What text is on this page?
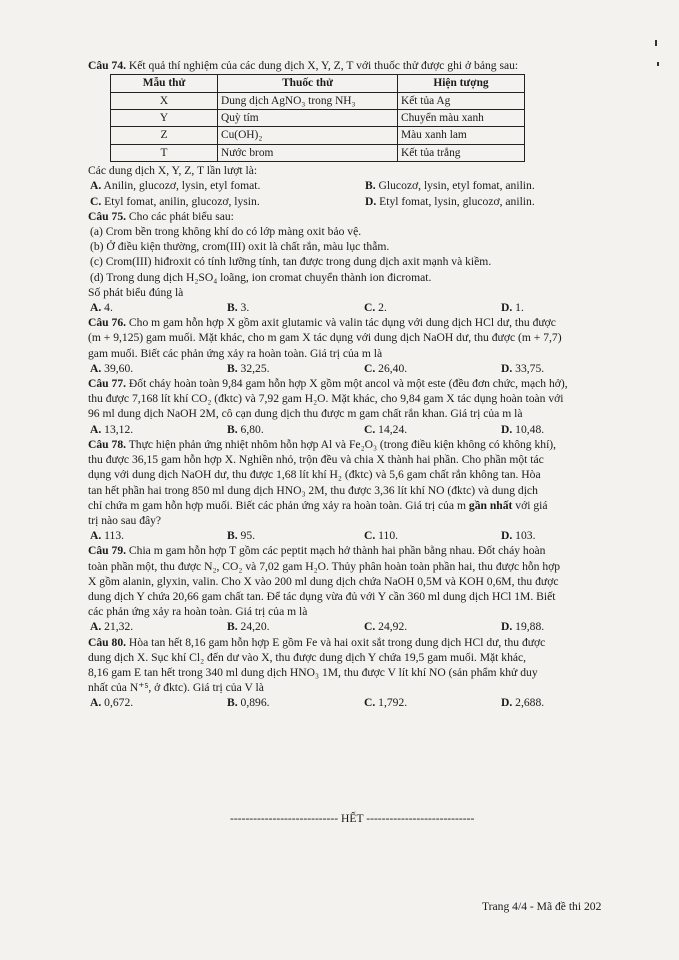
Câu 74. Kết quả thí nghiệm của các dung dịch X, Y, Z, T với thuốc thử được ghi ở bảng sau:

Mẫu thử	Thuốc thử	Hiện tượng
X	Dung dịch AgNO₃ trong NH₃	Kết tủa Ag
Y	Quỳ tím	Chuyển màu xanh
Z	Cu(OH)₂	Màu xanh lam
T	Nước brom	Kết tủa trắng

Các dung dịch X, Y, Z, T lần lượt là:

A. Anilin, glucozơ, lysin, etyl fomat.	B. Glucozơ, lysin, etyl fomat, anilin.
C. Etyl fomat, anilin, glucozơ, lysin.	D. Etyl fomat, lysin, glucozơ, anilin.

Câu 75. Cho các phát biểu sau:

(a) Crom bền trong không khí do có lớp màng oxit bảo vệ.

(b) Ở điều kiện thường, crom(III) oxit là chất rắn, màu lục thẫm.

(c) Crom(III) hiđroxit có tính lưỡng tính, tan được trong dung dịch axit mạnh và kiềm.

(d) Trong dung dịch H₂SO₄ loãng, ion cromat chuyển thành ion đicromat.

Số phát biểu đúng là

A. 4.	B. 3.	C. 2.	D. 1.

Câu 76. Cho m gam hỗn hợp X gồm axit glutamic và valin tác dụng với dung dịch HCl dư, thu được

(m + 9,125) gam muối. Mặt khác, cho m gam X tác dụng với dung dịch NaOH dư, thu được (m + 7,7)

gam muối. Biết các phản ứng xảy ra hoàn toàn. Giá trị của m là

A. 39,60.	B. 32,25.	C. 26,40.	D. 33,75.

Câu 77. Đốt cháy hoàn toàn 9,84 gam hỗn hợp X gồm một ancol và một este (đều đơn chức, mạch hở),

thu được 7,168 lít khí CO₂ (đktc) và 7,92 gam H₂O. Mặt khác, cho 9,84 gam X tác dụng hoàn toàn với

96 ml dung dịch NaOH 2M, cô cạn dung dịch thu được m gam chất rắn khan. Giá trị của m là

A. 13,12.	B. 6,80.	C. 14,24.	D. 10,48.

Câu 78. Thực hiện phản ứng nhiệt nhôm hỗn hợp Al và Fe₂O₃ (trong điều kiện không có không khí),

thu được 36,15 gam hỗn hợp X. Nghiền nhỏ, trộn đều và chia X thành hai phần. Cho phần một tác

dụng với dung dịch NaOH dư, thu được 1,68 lít khí H₂ (đktc) và 5,6 gam chất rắn không tan. Hòa

tan hết phần hai trong 850 ml dung dịch HNO₃ 2M, thu được 3,36 lít khí NO (đktc) và dung dịch

chỉ chứa m gam hỗn hợp muối. Biết các phản ứng xảy ra hoàn toàn. Giá trị của m gần nhất với giá

trị nào sau đây?

A. 113.	B. 95.	C. 110.	D. 103.

Câu 79. Chia m gam hỗn hợp T gồm các peptit mạch hở thành hai phần bằng nhau. Đốt cháy hoàn

toàn phần một, thu được N₂, CO₂ và 7,02 gam H₂O. Thủy phân hoàn toàn phần hai, thu được hỗn hợp

X gồm alanin, glyxin, valin. Cho X vào 200 ml dung dịch chứa NaOH 0,5M và KOH 0,6M, thu được

dung dịch Y chứa 20,66 gam chất tan. Để tác dụng vừa đủ với Y cần 360 ml dung dịch HCl 1M. Biết

các phản ứng xảy ra hoàn toàn. Giá trị của m là

A. 21,32.	B. 24,20.	C. 24,92.	D. 19,88.

Câu 80. Hòa tan hết 8,16 gam hỗn hợp E gồm Fe và hai oxit sắt trong dung dịch HCl dư, thu được

dung dịch X. Sục khí Cl₂ đến dư vào X, thu được dung dịch Y chứa 19,5 gam muối. Mặt khác,

8,16 gam E tan hết trong 340 ml dung dịch HNO₃ 1M, thu được V lít khí NO (sản phẩm khử duy

nhất của N⁺⁵, ở đktc). Giá trị của V là

A. 0,672.	B. 0,896.	C. 1,792.	D. 2,688.
---------------------------- HẾT ----------------------------
Trang 4/4 - Mã đề thi 202
